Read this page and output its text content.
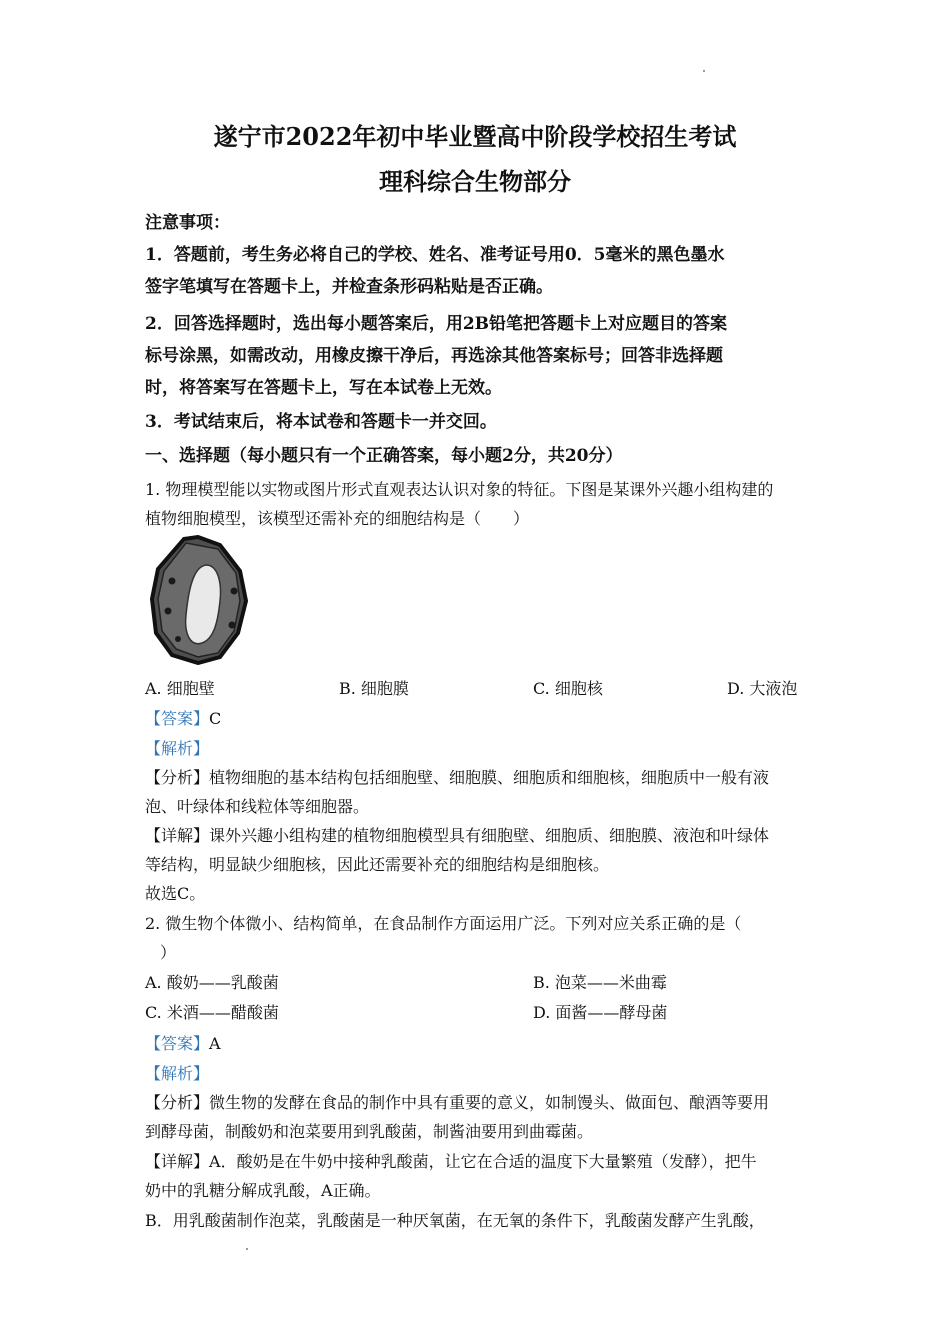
遂宁市2022年初中毕业暨高中阶段学校招生考试
理科综合生物部分
注意事项：
1．答题前，考生务必将自己的学校、姓名、准考证号用0．5毫米的黑色墨水
签字笔填写在答题卡上，并检查条形码粘贴是否正确。
2．回答选择题时，选出每小题答案后，用2B铅笔把答题卡上对应题目的答案
标号涂黑，如需改动，用橡皮擦干净后，再选涂其他答案标号；回答非选择题
时，将答案写在答题卡上，写在本试卷上无效。
3．考试结束后，将本试卷和答题卡一并交回。
一、选择题（每小题只有一个正确答案，每小题2分，共20分）
1. 物理模型能以实物或图片形式直观表达认识对象的特征。下图是某课外兴趣小组构建的
植物细胞模型，该模型还需补充的细胞结构是（　　）
A. 细胞壁	B. 细胞膜	C. 细胞核	D. 大液泡
【答案】C
【解析】
【分析】植物细胞的基本结构包括细胞壁、细胞膜、细胞质和细胞核，细胞质中一般有液
泡、叶绿体和线粒体等细胞器。
【详解】课外兴趣小组构建的植物细胞模型具有细胞壁、细胞质、细胞膜、液泡和叶绿体
等结构，明显缺少细胞核，因此还需要补充的细胞结构是细胞核。
故选C。
2. 微生物个体微小、结构简单，在食品制作方面运用广泛。下列对应关系正确的是（
）
A. 酸奶——乳酸菌	B. 泡菜——米曲霉
C. 米酒——醋酸菌	D. 面酱——酵母菌
【答案】A
【解析】
【分析】微生物的发酵在食品的制作中具有重要的意义，如制馒头、做面包、酿酒等要用
到酵母菌，制酸奶和泡菜要用到乳酸菌，制酱油要用到曲霉菌。
【详解】A．酸奶是在牛奶中接种乳酸菌，让它在合适的温度下大量繁殖（发酵），把牛
奶中的乳糖分解成乳酸，A正确。
B．用乳酸菌制作泡菜，乳酸菌是一种厌氧菌，在无氧的条件下，乳酸菌发酵产生乳酸，
